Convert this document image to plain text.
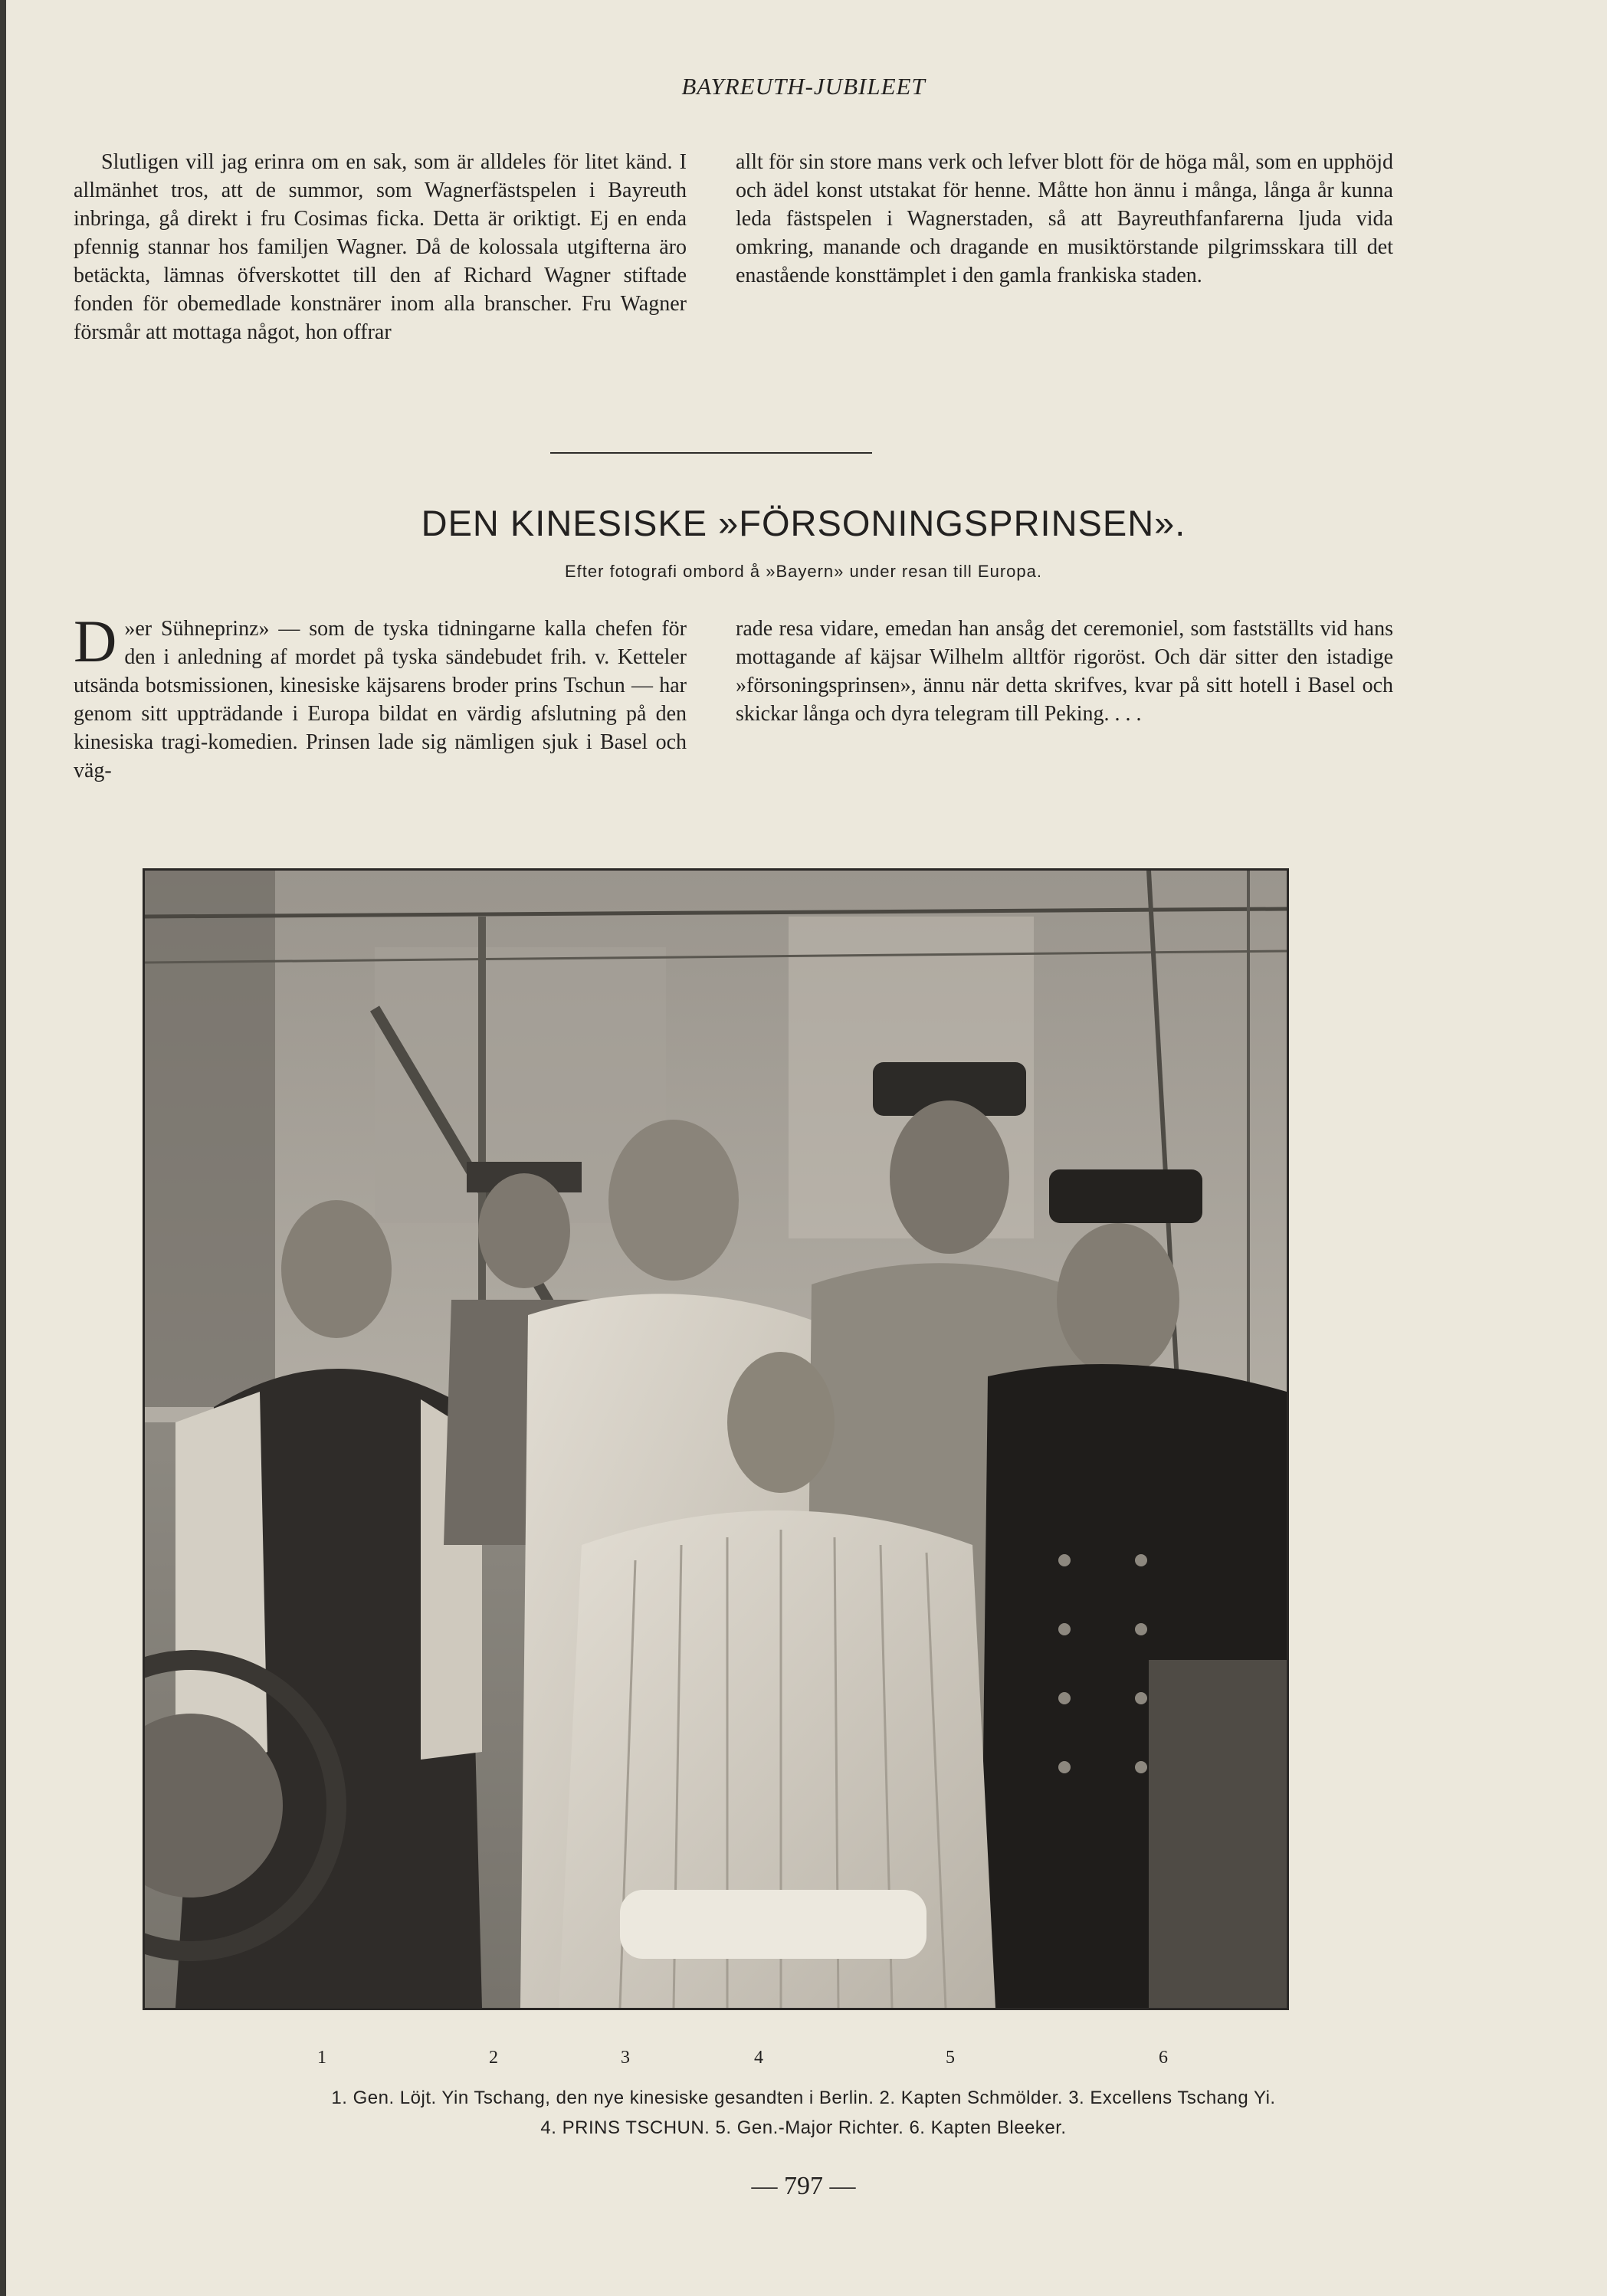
BAYREUTH-JUBILEET

Slutligen vill jag erinra om en sak, som är alldeles för litet känd. I allmänhet tros, att de summor, som Wagnerfästspelen i Bayreuth inbringa, gå direkt i fru Cosimas ficka. Detta är oriktigt. Ej en enda pfennig stannar hos familjen Wagner. Då de kolossala utgifterna äro betäckta, lämnas öfverskottet till den af Richard Wagner stiftade fonden för obemedlade konstnärer inom alla branscher. Fru Wagner försmår att mottaga något, hon offrar

allt för sin store mans verk och lefver blott för de höga mål, som en upphöjd och ädel konst utstakat för henne. Måtte hon ännu i många, långa år kunna leda fästspelen i Wagnerstaden, så att Bayreuthfanfarerna ljuda vida omkring, manande och dragande en musiktörstande pilgrimsskara till det enastående konsttämplet i den gamla frankiska staden.

DEN KINESISKE »FÖRSONINGSPRINSEN».
Efter fotografi ombord å »Bayern» under resan till Europa.

»
D er Sühneprinz» — som de tyska tidningarne kalla chefen för den i anledning af mordet på tyska sändebudet frih. v. Ketteler utsända botsmissionen, kinesiske käjsarens broder prins Tschun — har genom sitt uppträdande i Europa bildat en värdig afslutning på den kinesiska tragi-komedien. Prinsen lade sig nämligen sjuk i Basel och väg-

rade resa vidare, emedan han ansåg det ceremoniel, som fastställts vid hans mottagande af käjsar Wilhelm alltför rigoröst. Och där sitter den istadige »försoningsprinsen», ännu när detta skrifves, kvar på sitt hotell i Basel och skickar långa och dyra telegram till Peking. . . .

1	2	3	4	5	6
1. Gen. Löjt. Yin Tschang, den nye kinesiske gesandten i Berlin. 2. Kapten Schmölder. 3. Excellens Tschang Yi.
4. PRINS TSCHUN. 5. Gen.-Major Richter. 6. Kapten Bleeker.
— 797 —
